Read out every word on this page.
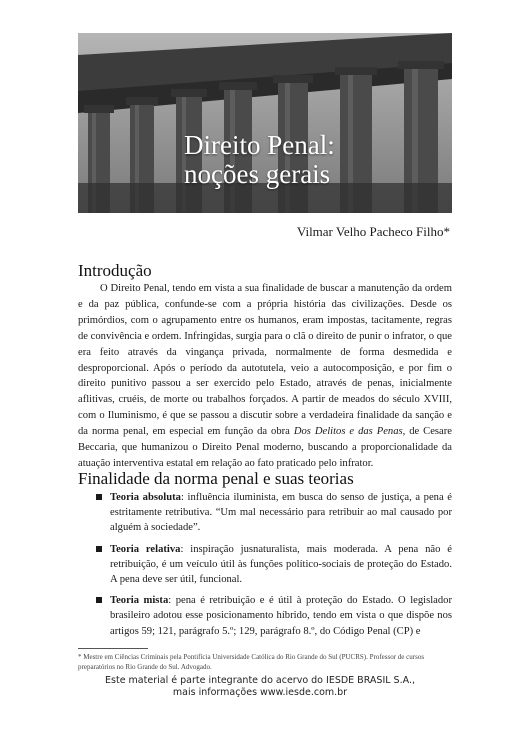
Direito Penal:
noções gerais
Vilmar Velho Pacheco Filho*
Introdução

O Direito Penal, tendo em vista a sua finalidade de buscar a manutenção da ordem e da paz pública, confunde-se com a própria história das civilizações. Desde os primórdios, com o agrupamento entre os humanos, eram impostas, tacitamente, regras de convivência e ordem. Infringidas, surgia para o clã o direito de punir o infrator, o que era feito através da vingança privada, normalmente de forma desmedida e desproporcional. Após o período da autotutela, veio a autocomposição, e por fim o direito punitivo passou a ser exercido pelo Estado, através de penas, inicialmente aflitivas, cruéis, de morte ou trabalhos forçados. A partir de meados do século XVIII, com o Iluminismo, é que se passou a discutir sobre a verdadeira finalidade da sanção e da norma penal, em especial em função da obra Dos Delitos e das Penas, de Cesare Beccaria, que humanizou o Direito Penal moderno, buscando a proporcionalidade da atuação interventiva estatal em relação ao fato praticado pelo infrator.

Finalidade da norma penal e suas teorias
Teoria absoluta: influência iluminista, em busca do senso de justiça, a pena é estritamente retributiva. “Um mal necessário para retribuir ao mal causado por alguém à sociedade”.
Teoria relativa: inspiração jusnaturalista, mais moderada. A pena não é retribuição, é um veículo útil às funções político-sociais de proteção do Estado. A pena deve ser útil, funcional.
Teoria mista: pena é retribuição e é útil à proteção do Estado. O legislador brasileiro adotou esse posicionamento híbrido, tendo em vista o que dispõe nos artigos 59; 121, parágrafo 5.º; 129, parágrafo 8.º, do Código Penal (CP) e
* Mestre em Ciências Criminais pela Pontifícia Universidade Católica do Rio Grande do Sul (PUCRS). Professor de cursos preparatórios no Rio Grande do Sul. Advogado.
Este material é parte integrante do acervo do IESDE BRASIL S.A.,
mais informações www.iesde.com.br
